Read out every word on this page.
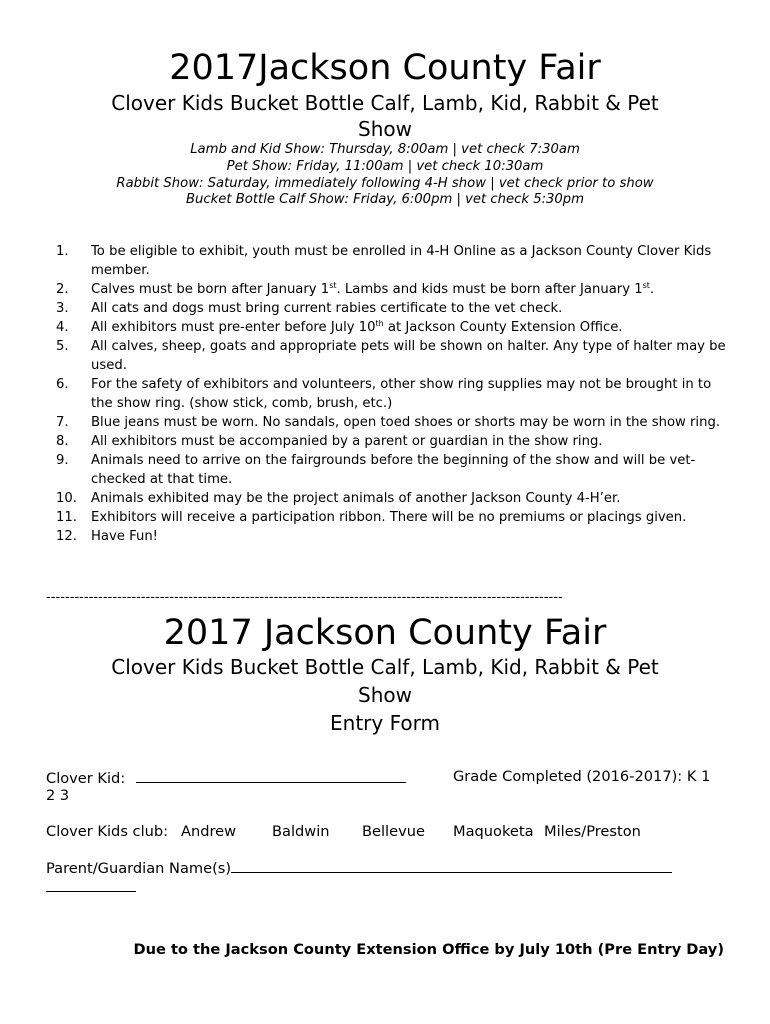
2017Jackson County Fair
Clover Kids Bucket Bottle Calf, Lamb, Kid, Rabbit & Pet
Show
Lamb and Kid Show: Thursday, 8:00am | vet check 7:30am
Pet Show: Friday, 11:00am | vet check 10:30am
Rabbit Show: Saturday, immediately following 4-H show | vet check prior to show
Bucket Bottle Calf Show: Friday, 6:00pm | vet check 5:30pm
1.	To be eligible to exhibit, youth must be enrolled in 4-H Online as a Jackson County Clover Kids member.
2.	Calves must be born after January 1st. Lambs and kids must be born after January 1st.
3.	All cats and dogs must bring current rabies certificate to the vet check.
4.	All exhibitors must pre-enter before July 10th at Jackson County Extension Office.
5.	All calves, sheep, goats and appropriate pets will be shown on halter. Any type of halter may be used.
6.	For the safety of exhibitors and volunteers, other show ring supplies may not be brought in to the show ring. (show stick, comb, brush, etc.)
7.	Blue jeans must be worn. No sandals, open toed shoes or shorts may be worn in the show ring.
8.	All exhibitors must be accompanied by a parent or guardian in the show ring.
9.	Animals need to arrive on the fairgrounds before the beginning of the show and will be vet-checked at that time.
10.	Animals exhibited may be the project animals of another Jackson County 4-H’er.
11.	Exhibitors will receive a participation ribbon. There will be no premiums or placings given.
12.	Have Fun!
-------------------------------------------------------------------------------------------------------------
2017 Jackson County Fair
Clover Kids Bucket Bottle Calf, Lamb, Kid, Rabbit & Pet
Show
Entry Form
Clover Kid:	Grade Completed (2016-2017): K 1
2 3
Clover Kids club: Andrew Baldwin Bellevue Maquoketa Miles/Preston
Parent/Guardian Name(s)
Due to the Jackson County Extension Office by July 10th (Pre Entry Day)
